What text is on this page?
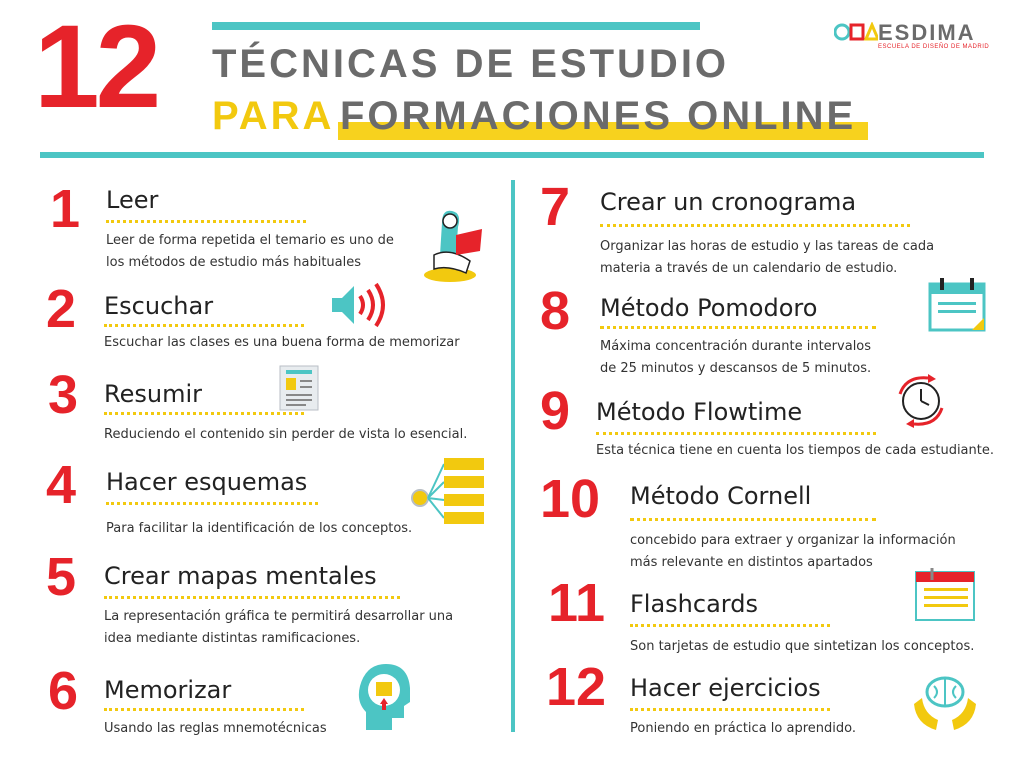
12 TÉCNICAS DE ESTUDIO
PARA FORMACIONES ONLINE
ESDIMA
ESCUELA DE DISEÑO DE MADRID
1 Leer
Leer de forma repetida el temario es uno de
los métodos de estudio más habituales
2 Escuchar
Escuchar las clases es una buena forma de memorizar
3 Resumir
Reduciendo el contenido sin perder de vista lo esencial.
4 Hacer esquemas
Para facilitar la identificación de los conceptos.
5 Crear mapas mentales
La representación gráfica te permitirá desarrollar una
idea mediante distintas ramificaciones.
6 Memorizar
Usando las reglas mnemotécnicas
7 Crear un cronograma
Organizar las horas de estudio y las tareas de cada
materia a través de un calendario de estudio.
8 Método Pomodoro
Máxima concentración durante intervalos
de 25 minutos y descansos de 5 minutos.
9 Método Flowtime
Esta técnica tiene en cuenta los tiempos de cada estudiante.
10 Método Cornell
concebido para extraer y organizar la información
más relevante en distintos apartados
11 Flashcards
Son tarjetas de estudio que sintetizan los conceptos.
12 Hacer ejercicios
Poniendo en práctica lo aprendido.
